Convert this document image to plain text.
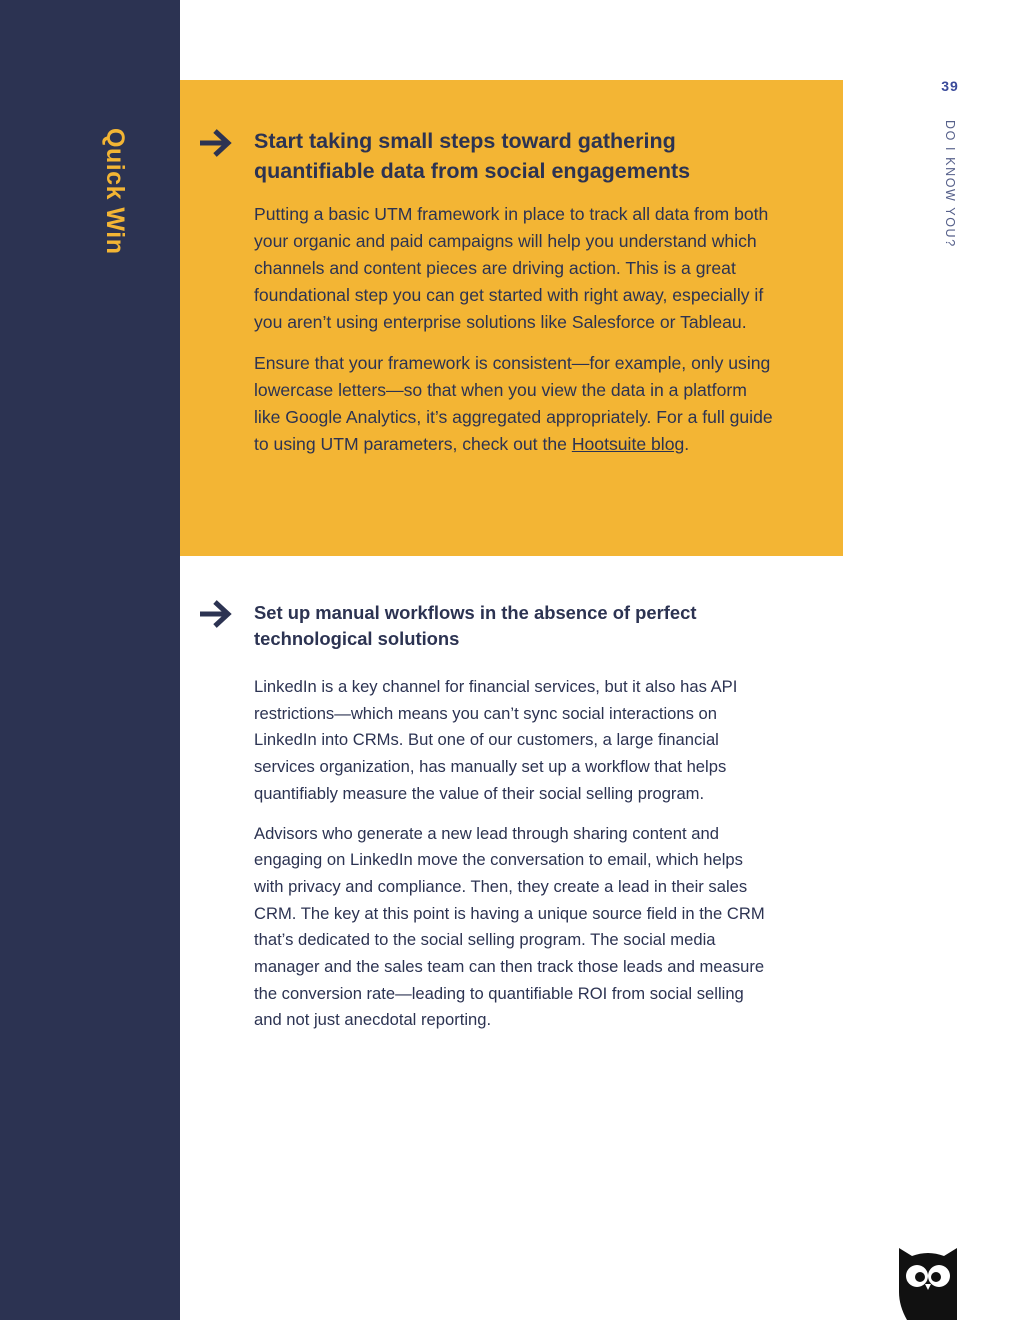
Quick Win
39
DO I KNOW YOU?
Start taking small steps toward gathering quantifiable data from social engagements

Putting a basic UTM framework in place to track all data from both your organic and paid campaigns will help you understand which channels and content pieces are driving action. This is a great foundational step you can get started with right away, especially if you aren’t using enterprise solutions like Salesforce or Tableau.

Ensure that your framework is consistent—for example, only using lowercase letters—so that when you view the data in a platform like Google Analytics, it’s aggregated appropriately. For a full guide to using UTM parameters, check out the Hootsuite blog.

Set up manual workflows in the absence of perfect technological solutions

LinkedIn is a key channel for financial services, but it also has API restrictions—which means you can’t sync social interactions on LinkedIn into CRMs. But one of our customers, a large financial services organization, has manually set up a workflow that helps quantifiably measure the value of their social selling program.

Advisors who generate a new lead through sharing content and engaging on LinkedIn move the conversation to email, which helps with privacy and compliance. Then, they create a lead in their sales CRM. The key at this point is having a unique source field in the CRM that’s dedicated to the social selling program. The social media manager and the sales team can then track those leads and measure the conversion rate—leading to quantifiable ROI from social selling and not just anecdotal reporting.
